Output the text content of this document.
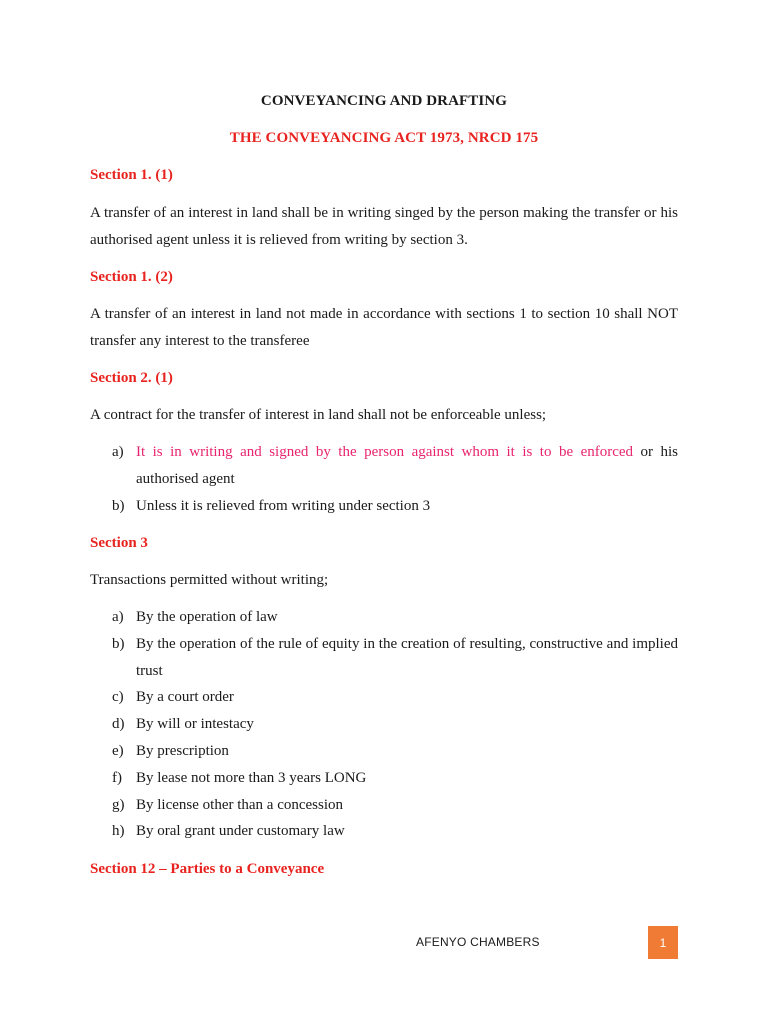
CONVEYANCING AND DRAFTING
THE CONVEYANCING ACT 1973, NRCD 175
Section 1. (1)
A transfer of an interest in land shall be in writing singed by the person making the transfer or his authorised agent unless it is relieved from writing by section 3.
Section 1. (2)
A transfer of an interest in land not made in accordance with sections 1 to section 10 shall NOT transfer any interest to the transferee
Section 2. (1)
A contract for the transfer of interest in land shall not be enforceable unless;
a) It is in writing and signed by the person against whom it is to be enforced or his authorised agent
b) Unless it is relieved from writing under section 3
Section 3
Transactions permitted without writing;
a) By the operation of law
b) By the operation of the rule of equity in the creation of resulting, constructive and implied trust
c) By a court order
d) By will or intestacy
e) By prescription
f) By lease not more than 3 years LONG
g) By license other than a concession
h) By oral grant under customary law
Section 12 – Parties to a Conveyance
AFENYO CHAMBERS	1
